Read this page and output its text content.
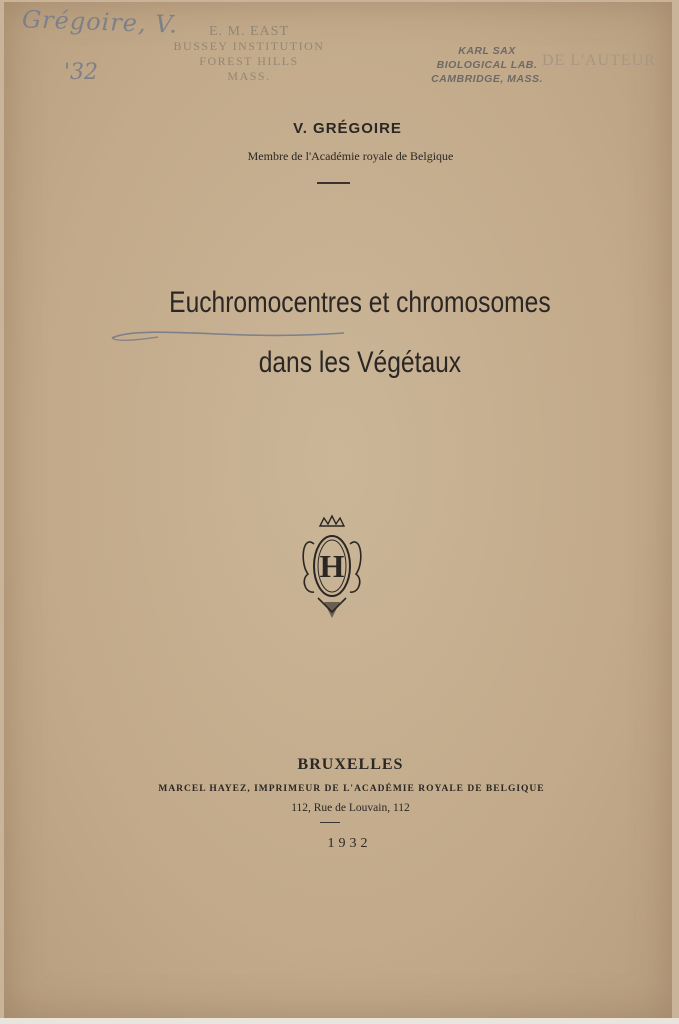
Grégoire, V.
'32
E. M. EAST
BUSSEY INSTITUTION
FOREST HILLS
MASS.
KARL SAX
BIOLOGICAL LAB.
CAMBRIDGE, MASS.
DE L'AUTEUR
V. GRÉGOIRE
Membre de l'Académie royale de Belgique
Euchromocentres et chromosomes
dans les Végétaux
H
BRUXELLES
MARCEL HAYEZ, IMPRIMEUR DE L'ACADÉMIE ROYALE DE BELGIQUE
112, Rue de Louvain, 112
1932
